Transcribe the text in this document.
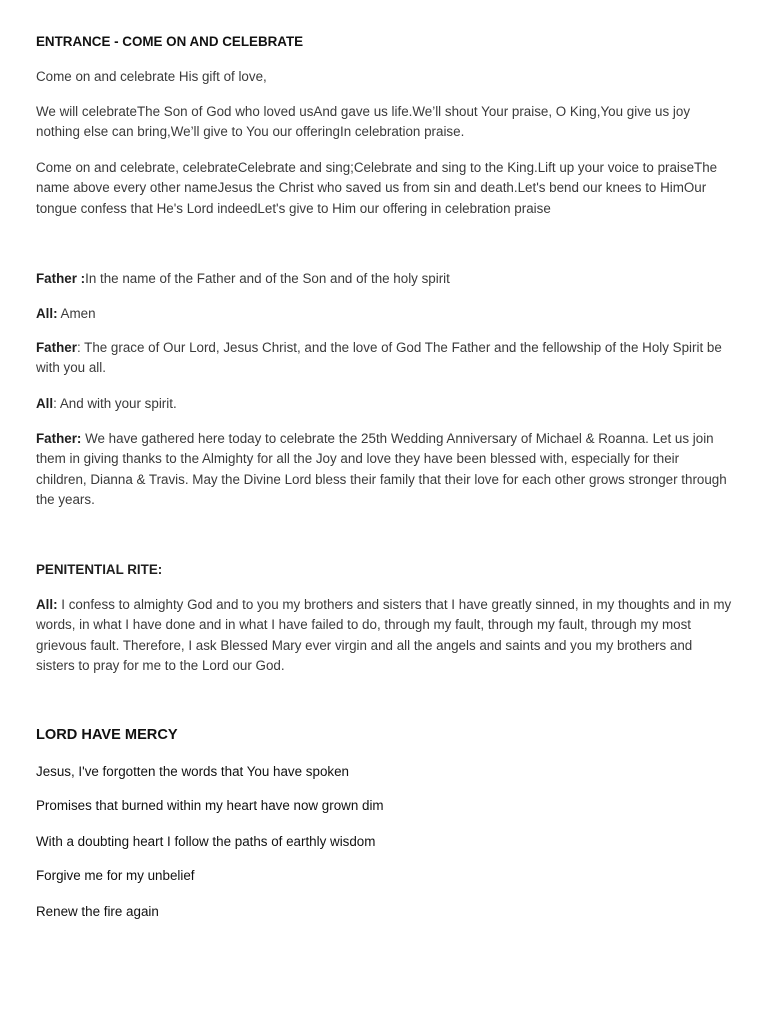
ENTRANCE - COME ON AND CELEBRATE

Come on and celebrate His gift of love,

We will celebrateThe Son of God who loved usAnd gave us life.We’ll shout Your praise, O King,You give us joy nothing else can bring,We’ll give to You our offeringIn celebration praise.

Come on and celebrate, celebrateCelebrate and sing;Celebrate and sing to the King.Lift up your voice to praiseThe name above every other nameJesus the Christ who saved us from sin and death.Let's bend our knees to HimOur tongue confess that He's Lord indeedLet's give to Him our offering in celebration praise

Father :In the name of the Father and of the Son and of the holy spirit

All: Amen

Father: The grace of Our Lord, Jesus Christ, and the love of God The Father and the fellowship of the Holy Spirit be with you all.

All: And with your spirit.

Father: We have gathered here today to celebrate the 25th Wedding Anniversary of Michael & Roanna. Let us join them in giving thanks to the Almighty for all the Joy and love they have been blessed with, especially for their children, Dianna & Travis. May the Divine Lord bless their family that their love for each other grows stronger through the years.

PENITENTIAL RITE:

All: I confess to almighty God and to you my brothers and sisters that I have greatly sinned, in my thoughts and in my words, in what I have done and in what I have failed to do, through my fault, through my fault, through my most grievous fault. Therefore, I ask Blessed Mary ever virgin and all the angels and saints and you my brothers and sisters to pray for me to the Lord our God.

LORD HAVE MERCY

Jesus, I've forgotten the words that You have spoken

Promises that burned within my heart have now grown dim

With a doubting heart I follow the paths of earthly wisdom

Forgive me for my unbelief

Renew the fire again
